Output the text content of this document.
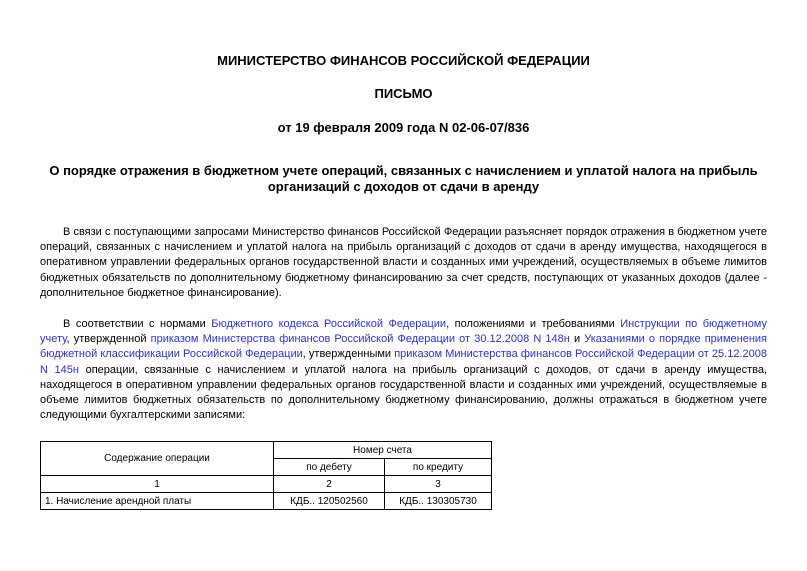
МИНИСТЕРСТВО ФИНАНСОВ РОССИЙСКОЙ ФЕДЕРАЦИИ
ПИСЬМО
от 19 февраля 2009 года N 02-06-07/836
О порядке отражения в бюджетном учете операций, связанных с начислением и уплатой налога на прибыль организаций с доходов от сдачи в аренду
В связи с поступающими запросами Министерство финансов Российской Федерации разъясняет порядок отражения в бюджетном учете операций, связанных с начислением и уплатой налога на прибыль организаций с доходов от сдачи в аренду имущества, находящегося в оперативном управлении федеральных органов государственной власти и созданных ими учреждений, осуществляемых в объеме лимитов бюджетных обязательств по дополнительному бюджетному финансированию за счет средств, поступающих от указанных доходов (далее - дополнительное бюджетное финансирование).
В соответствии с нормами Бюджетного кодекса Российской Федерации, положениями и требованиями Инструкции по бюджетному учету, утвержденной приказом Министерства финансов Российской Федерации от 30.12.2008 N 148н и Указаниями о порядке применения бюджетной классификации Российской Федерации, утвержденными приказом Министерства финансов Российской Федерации от 25.12.2008 N 145н операции, связанные с начислением и уплатой налога на прибыль организаций с доходов, от сдачи в аренду имущества, находящегося в оперативном управлении федеральных органов государственной власти и созданных ими учреждений, осуществляемые в объеме лимитов бюджетных обязательств по дополнительному бюджетному финансированию, должны отражаться в бюджетном учете следующими бухгалтерскими записями:
Содержание операции	Номер счета	
	по дебету	по кредиту
1	2	3
1. Начисление арендной платы	КДБ.. 120502560	КДБ.. 130305730
